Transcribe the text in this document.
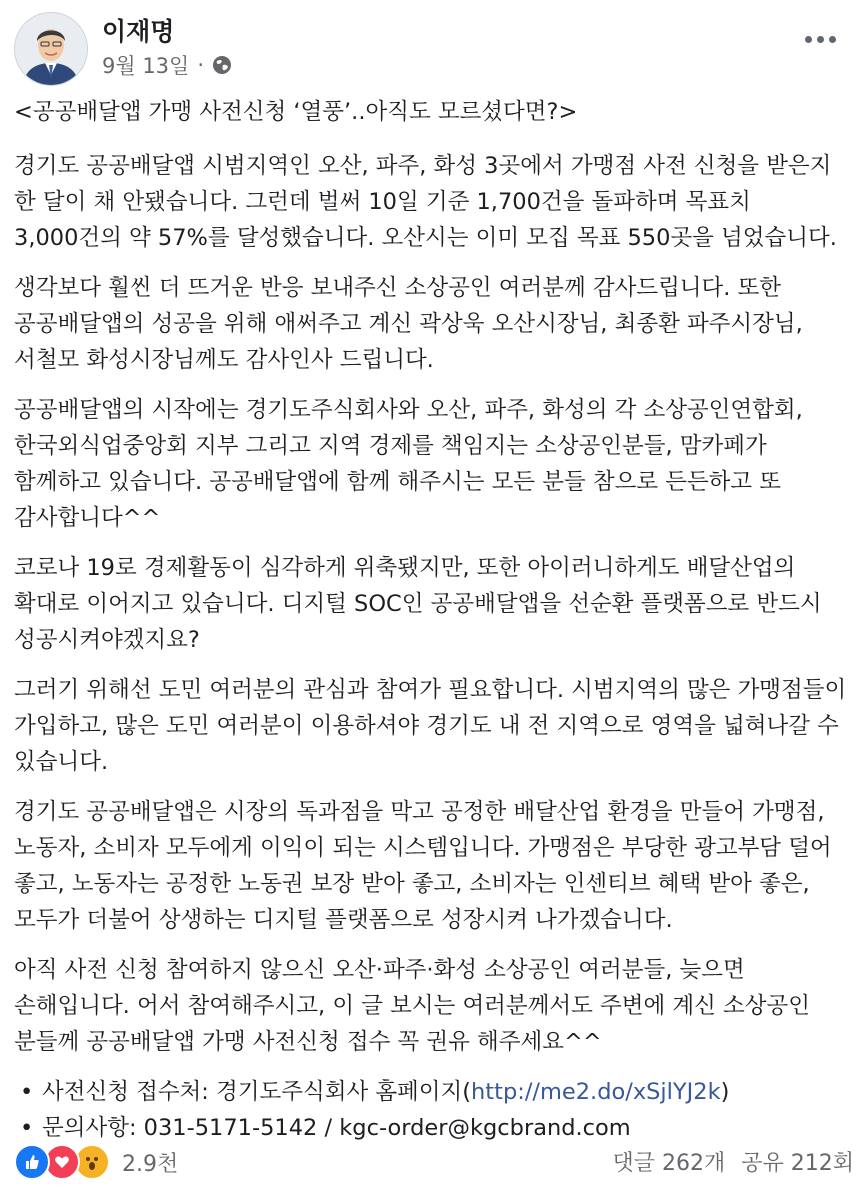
이재명
9월 13일 ·

<공공배달앱 가맹 사전신청 ‘열풍’..아직도 모르셨다면?>

경기도 공공배달앱 시범지역인 오산, 파주, 화성 3곳에서 가맹점 사전 신청을 받은지 한 달이 채 안됐습니다. 그런데 벌써 10일 기준 1,700건을 돌파하며 목표치 3,000건의 약 57%를 달성했습니다. 오산시는 이미 모집 목표 550곳을 넘었습니다.

생각보다 훨씬 더 뜨거운 반응 보내주신 소상공인 여러분께 감사드립니다. 또한 공공배달앱의 성공을 위해 애써주고 계신 곽상욱 오산시장님, 최종환 파주시장님, 서철모 화성시장님께도 감사인사 드립니다.

공공배달앱의 시작에는 경기도주식회사와 오산, 파주, 화성의 각 소상공인연합회, 한국외식업중앙회 지부 그리고 지역 경제를 책임지는 소상공인분들, 맘카페가 함께하고 있습니다. 공공배달앱에 함께 해주시는 모든 분들 참으로 든든하고 또 감사합니다^^

코로나 19로 경제활동이 심각하게 위축됐지만, 또한 아이러니하게도 배달산업의 확대로 이어지고 있습니다. 디지털 SOC인 공공배달앱을 선순환 플랫폼으로 반드시 성공시켜야겠지요?

그러기 위해선 도민 여러분의 관심과 참여가 필요합니다. 시범지역의 많은 가맹점들이 가입하고, 많은 도민 여러분이 이용하셔야 경기도 내 전 지역으로 영역을 넓혀나갈 수 있습니다.

경기도 공공배달앱은 시장의 독과점을 막고 공정한 배달산업 환경을 만들어 가맹점, 노동자, 소비자 모두에게 이익이 되는 시스템입니다. 가맹점은 부당한 광고부담 덜어 좋고, 노동자는 공정한 노동권 보장 받아 좋고, 소비자는 인센티브 혜택 받아 좋은, 모두가 더불어 상생하는 디지털 플랫폼으로 성장시켜 나가겠습니다.

아직 사전 신청 참여하지 않으신 오산·파주·화성 소상공인 여러분들, 늦으면 손해입니다. 어서 참여해주시고, 이 글 보시는 여러분께서도 주변에 계신 소상공인 분들께 공공배달앱 가맹 사전신청 접수 꼭 권유 해주세요^^

• 사전신청 접수처: 경기도주식회사 홈페이지(http://me2.do/xSjlYJ2k)
• 문의사항: 031-5171-5142 / kgc-order@kgcbrand.com
2.9천	댓글 262개 공유 212회
